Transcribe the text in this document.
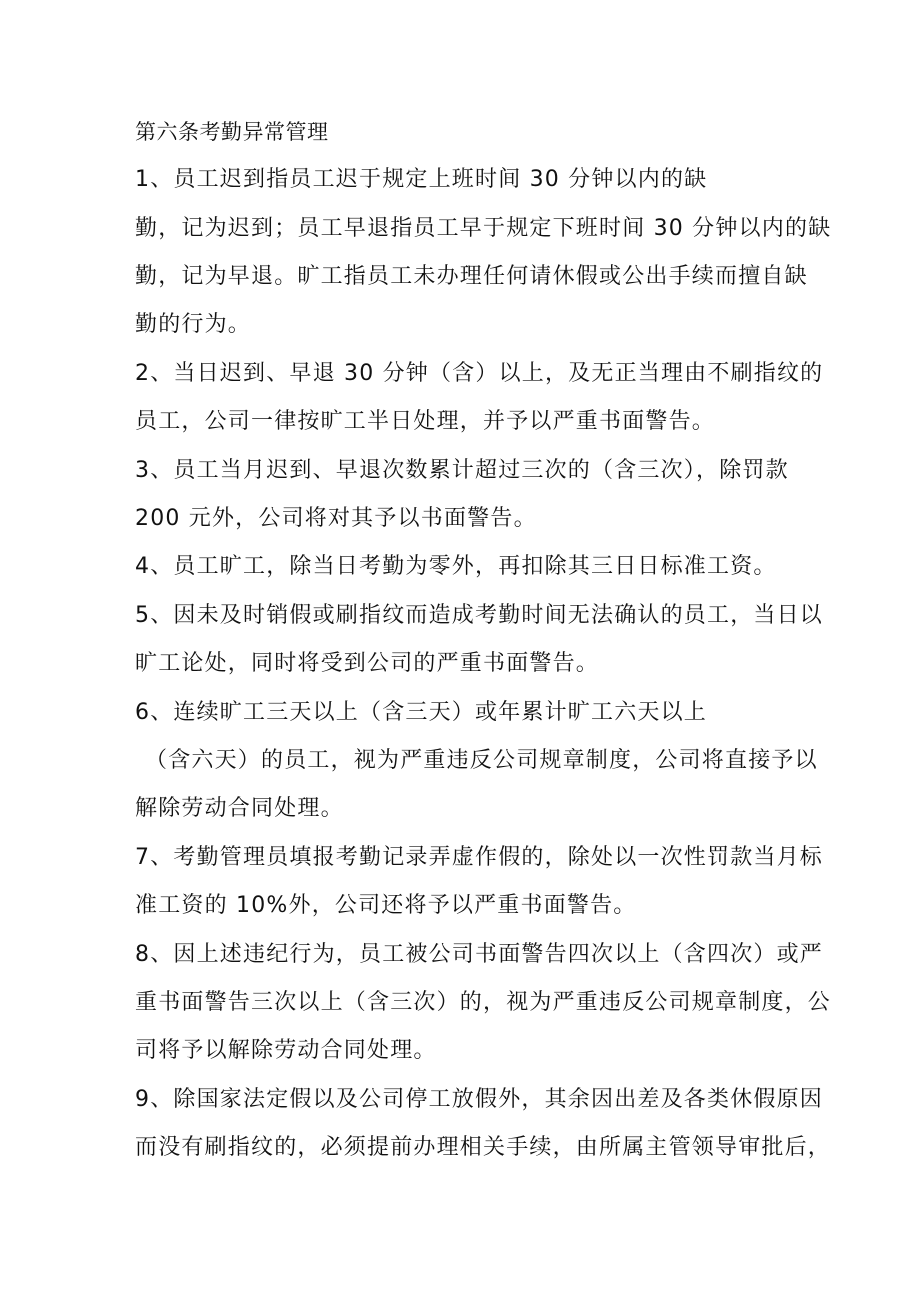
第六条考勤异常管理
1、员工迟到指员工迟于规定上班时间 30 分钟以内的缺
勤，记为迟到；员工早退指员工早于规定下班时间 30 分钟以内的缺
勤，记为早退。旷工指员工未办理任何请休假或公出手续而擅自缺
勤的行为。
2、当日迟到、早退 30 分钟（含）以上，及无正当理由不刷指纹的
员工，公司一律按旷工半日处理，并予以严重书面警告。
3、员工当月迟到、早退次数累计超过三次的（含三次），除罚款
200 元外，公司将对其予以书面警告。
4、员工旷工，除当日考勤为零外，再扣除其三日日标准工资。
5、因未及时销假或刷指纹而造成考勤时间无法确认的员工，当日以
旷工论处，同时将受到公司的严重书面警告。
6、连续旷工三天以上（含三天）或年累计旷工六天以上
（含六天）的员工，视为严重违反公司规章制度，公司将直接予以
解除劳动合同处理。
7、考勤管理员填报考勤记录弄虚作假的，除处以一次性罚款当月标
准工资的 10%外，公司还将予以严重书面警告。
8、因上述违纪行为，员工被公司书面警告四次以上（含四次）或严
重书面警告三次以上（含三次）的，视为严重违反公司规章制度，公
司将予以解除劳动合同处理。
9、除国家法定假以及公司停工放假外，其余因出差及各类休假原因
而没有刷指纹的，必须提前办理相关手续，由所属主管领导审批后，
